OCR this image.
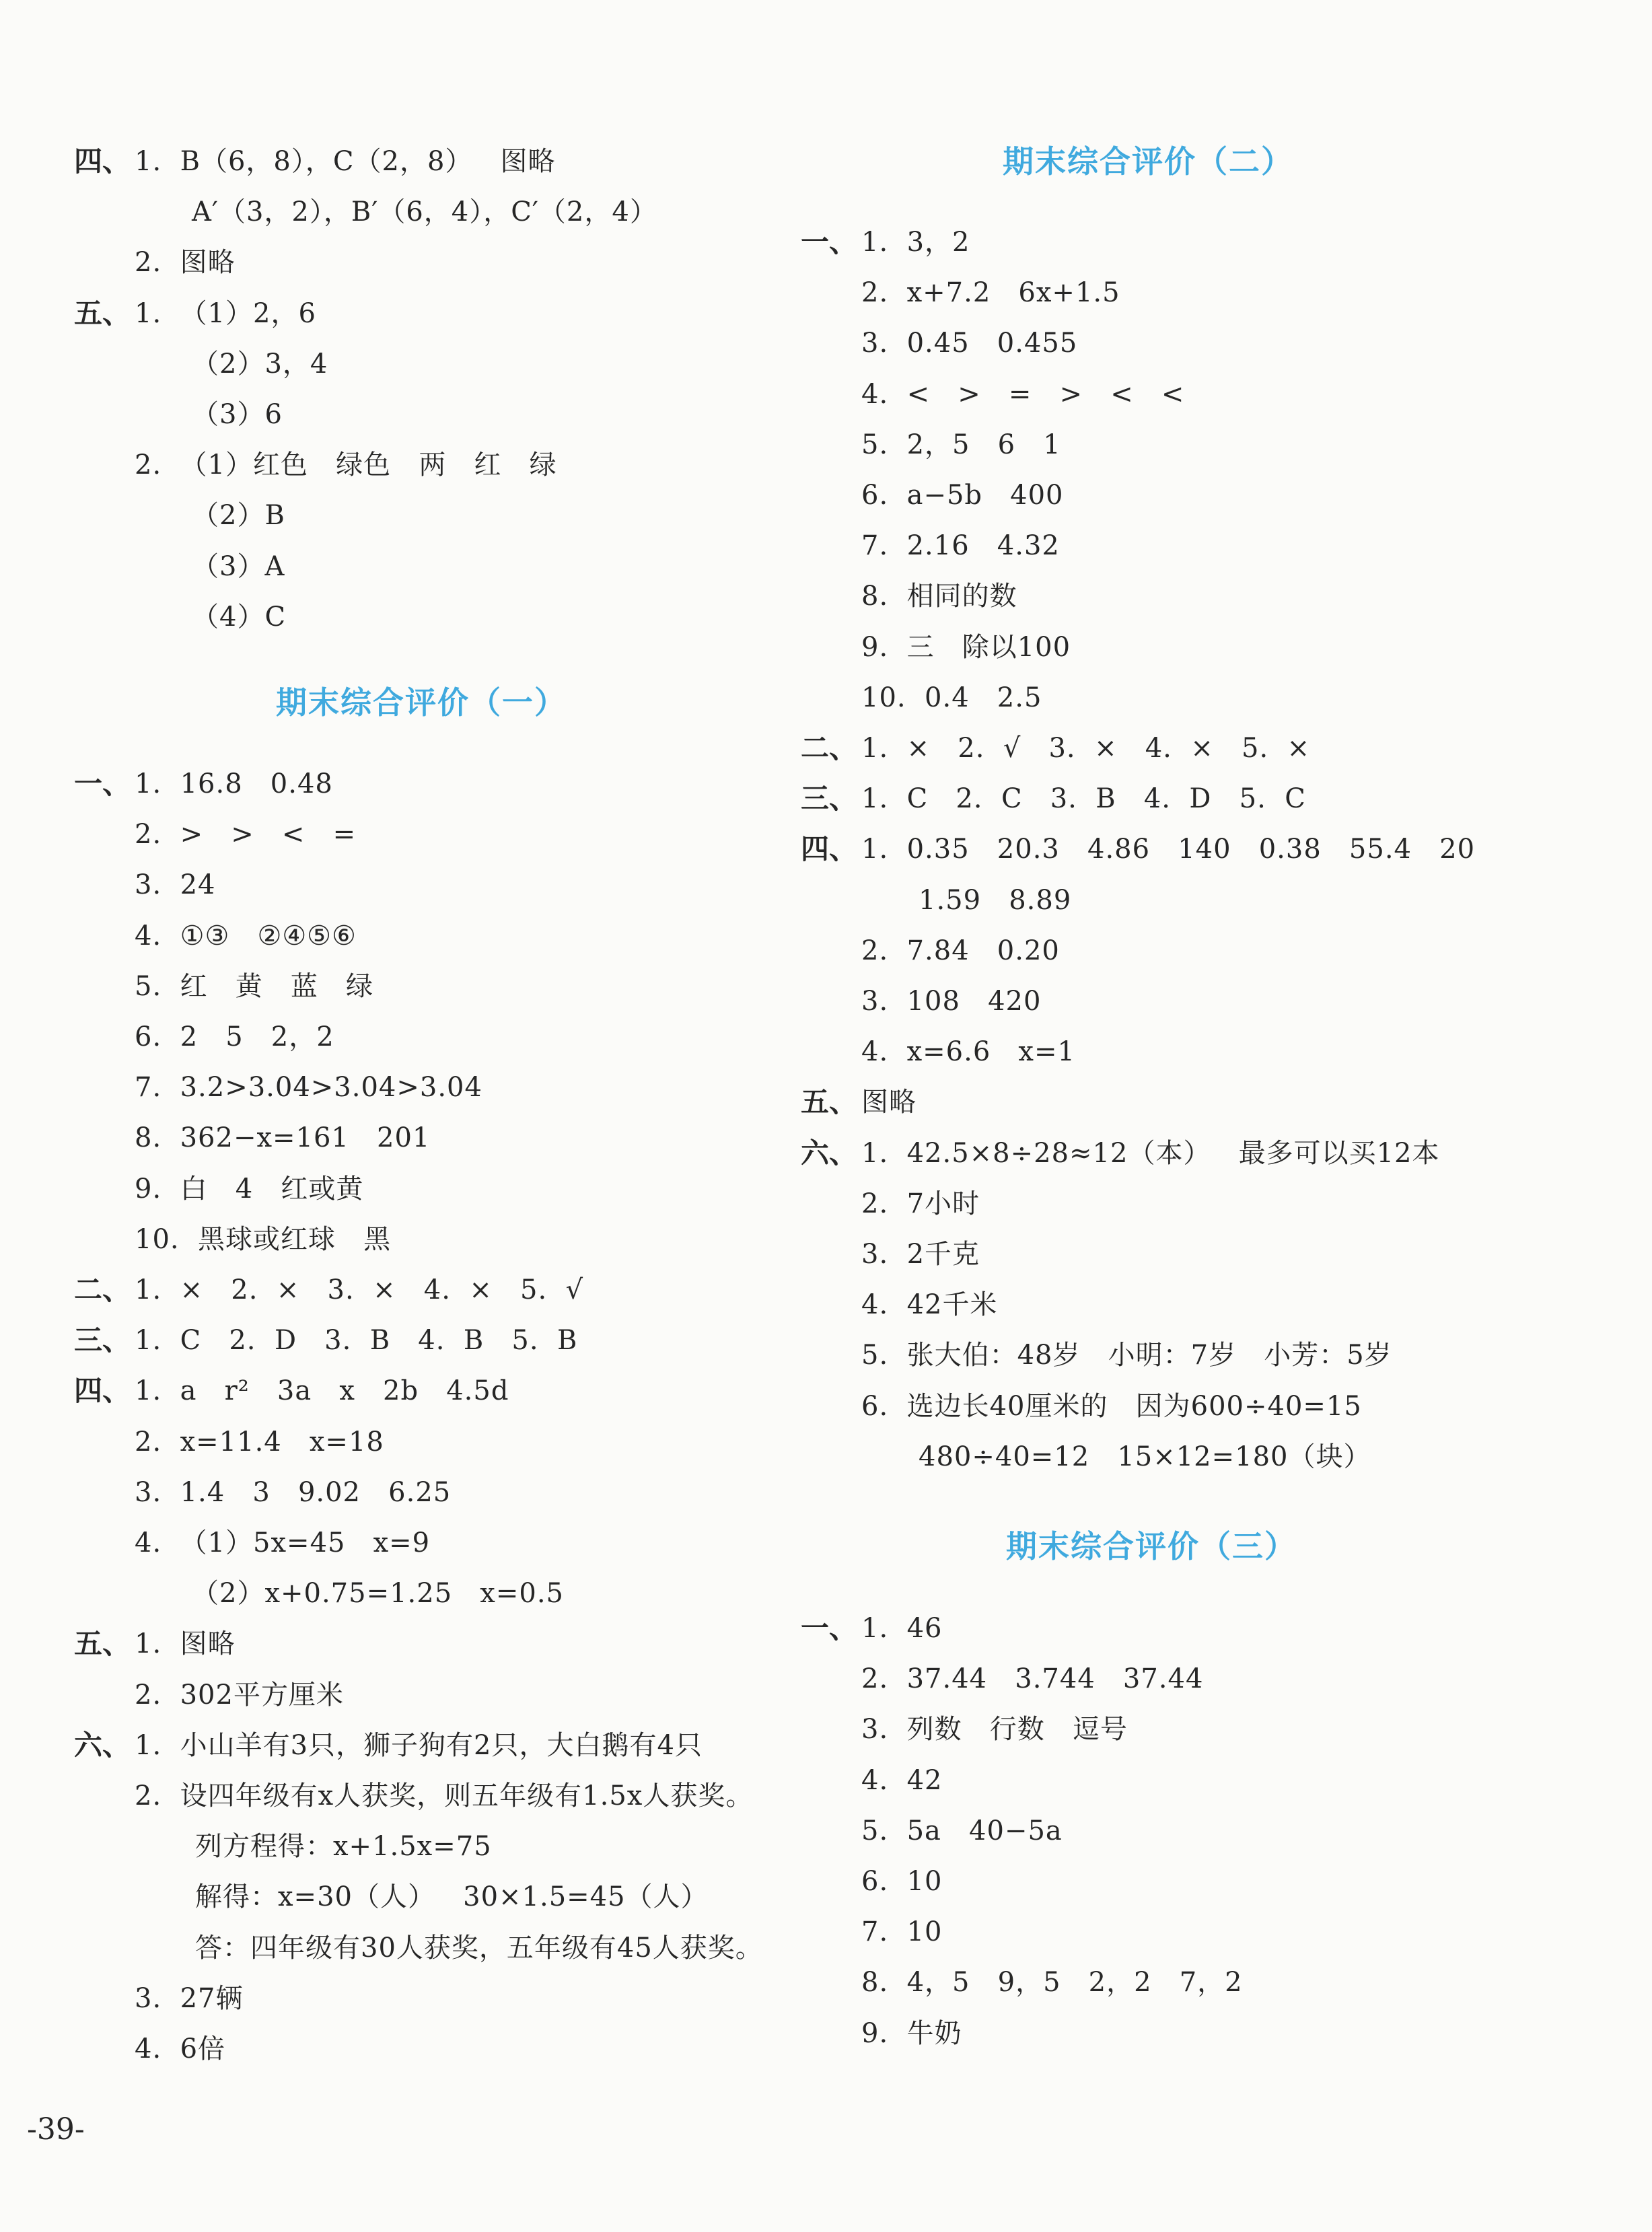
四、 1.  B（6，8），C（2，8）   图略
A′（3，2），B′（6，4），C′（2，4）
2.  图略
五、 1.  （1）2，6
（2）3，4
（3）6
2.  （1）红色   绿色   两   红   绿
（2）B
（3）A
（4）C
期末综合评价（一）
一、 1.  16.8   0.48
2.  >   >   <   =
3.  24
4.  ①③   ②④⑤⑥
5.  红   黄   蓝   绿
6.  2   5   2，2
7.  3.2>3.04>3.04>3.04
8.  362−x=161   201
9.  白   4   红或黄
10.  黑球或红球   黑
二、 1.  ×   2.  ×   3.  ×   4.  ×   5.  √
三、 1.  C   2.  D   3.  B   4.  B   5.  B
四、 1.  a   r²   3a   x   2b   4.5d
2.  x=11.4   x=18
3.  1.4   3   9.02   6.25
4.  （1）5x=45   x=9
（2）x+0.75=1.25   x=0.5
五、 1.  图略
2.  302平方厘米
六、 1.  小山羊有3只，狮子狗有2只，大白鹅有4只
2.  设四年级有x人获奖，则五年级有1.5x人获奖。
列方程得：x+1.5x=75
解得：x=30（人）   30×1.5=45（人）
答：四年级有30人获奖，五年级有45人获奖。
3.  27辆
4.  6倍
期末综合评价（二）
一、 1.  3，2
2.  x+7.2   6x+1.5
3.  0.45   0.455
4.  <   >   =   >   <   <
5.  2，5   6   1
6.  a−5b   400
7.  2.16   4.32
8.  相同的数
9.  三   除以100
10.  0.4   2.5
二、 1.  ×   2.  √   3.  ×   4.  ×   5.  ×
三、 1.  C   2.  C   3.  B   4.  D   5.  C
四、 1.  0.35   20.3   4.86   140   0.38   55.4   20
1.59   8.89
2.  7.84   0.20
3.  108   420
4.  x=6.6   x=1
五、 图略
六、 1.  42.5×8÷28≈12（本）   最多可以买12本
2.  7小时
3.  2千克
4.  42千米
5.  张大伯：48岁   小明：7岁   小芳：5岁
6.  选边长40厘米的   因为600÷40=15
480÷40=12   15×12=180（块）
期末综合评价（三）
一、 1.  46
2.  37.44   3.744   37.44
3.  列数   行数   逗号
4.  42
5.  5a   40−5a
6.  10
7.  10
8.  4，5   9，5   2，2   7，2
9.  牛奶
-39-
